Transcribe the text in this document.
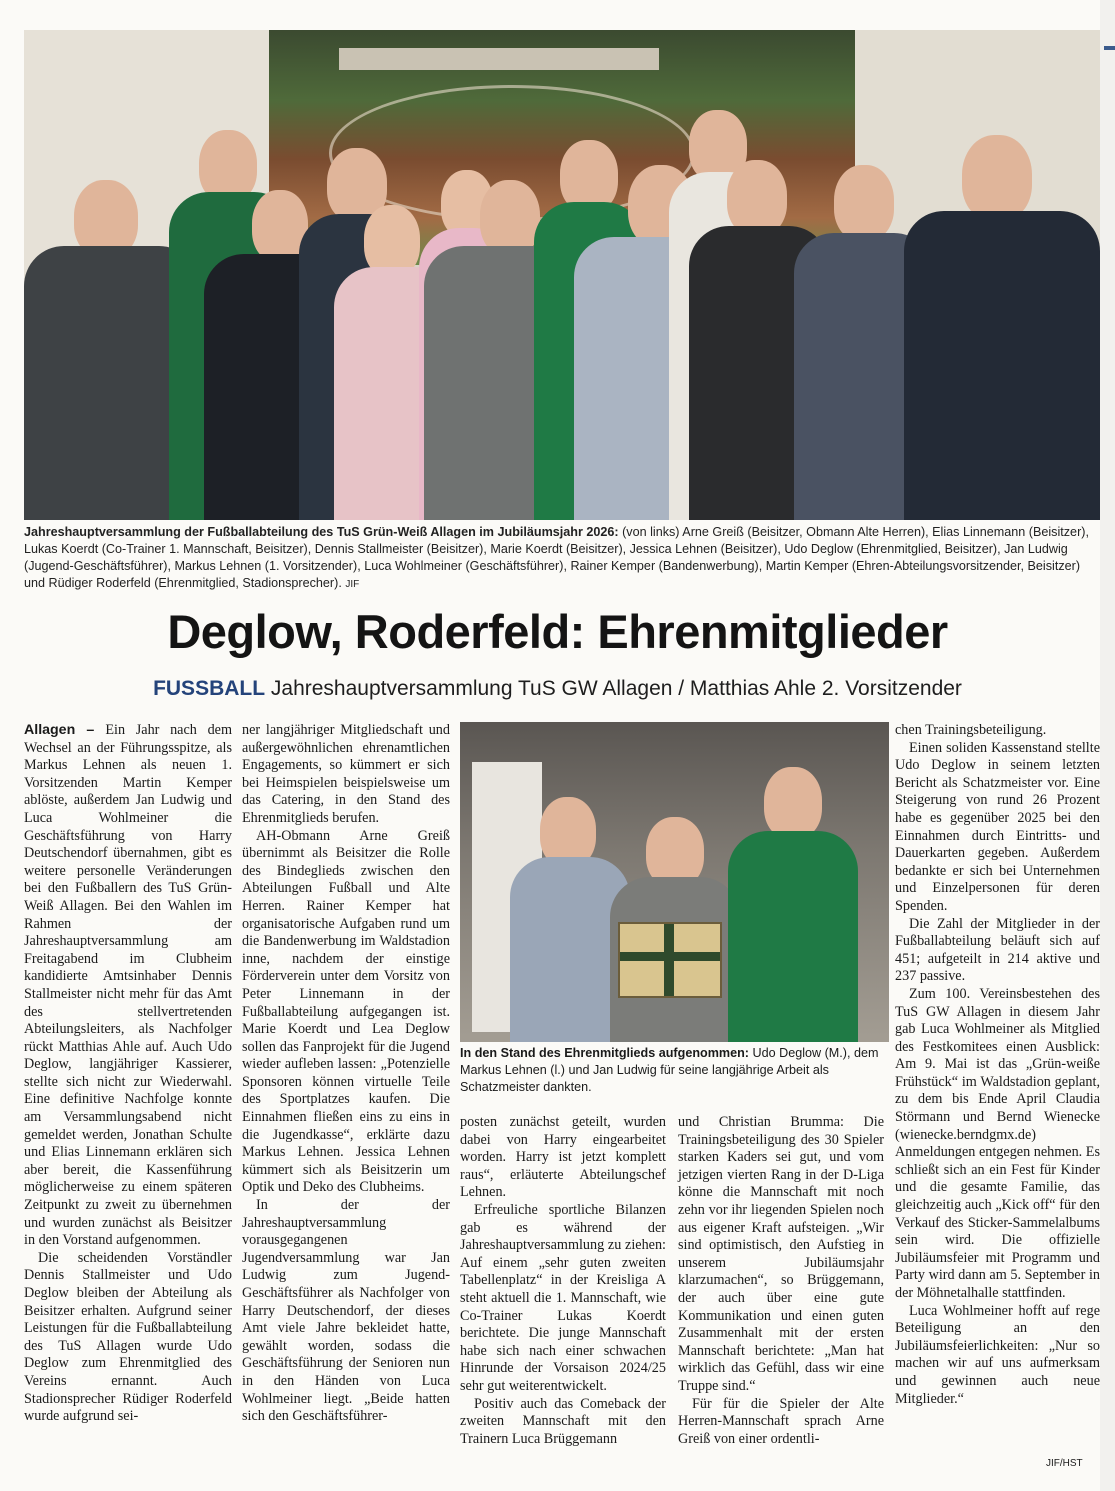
Jahreshauptversammlung der Fußballabteilung des TuS Grün-Weiß Allagen im Jubiläumsjahr 2026: (von links) Arne Greiß (Beisitzer, Obmann Alte Herren), Elias Linnemann (Beisitzer), Lukas Koerdt (Co-Trainer 1. Mannschaft, Beisitzer), Dennis Stallmeister (Beisitzer), Marie Koerdt (Beisitzer), Jessica Lehnen (Beisitzer), Udo Deglow (Ehrenmitglied, Beisitzer), Jan Ludwig (Jugend-Geschäftsführer), Markus Lehnen (1. Vorsitzender), Luca Wohlmeiner (Geschäftsführer), Rainer Kemper (Bandenwerbung), Martin Kemper (Ehren-Abteilungsvorsitzender, Beisitzer) und Rüdiger Roderfeld (Ehrenmitglied, Stadionsprecher). JIF
Deglow, Roderfeld: Ehrenmitglieder
FUSSBALL Jahreshauptversammlung TuS GW Allagen / Matthias Ahle 2. Vorsitzender

Allagen – Ein Jahr nach dem Wechsel an der Führungsspitze, als Markus Lehnen als neuen 1. Vorsitzenden Martin Kemper ablöste, außerdem Jan Ludwig und Luca Wohlmeiner die Geschäftsführung von Harry Deutschendorf übernahmen, gibt es weitere personelle Veränderungen bei den Fußballern des TuS Grün-Weiß Allagen. Bei den Wahlen im Rahmen der Jahreshauptversammlung am Freitagabend im Clubheim kandidierte Amtsinhaber Dennis Stallmeister nicht mehr für das Amt des stellvertretenden Abteilungsleiters, als Nachfolger rückt Matthias Ahle auf. Auch Udo Deglow, langjähriger Kassierer, stellte sich nicht zur Wiederwahl. Eine definitive Nachfolge konnte am Versammlungsabend nicht gemeldet werden, Jonathan Schulte und Elias Linnemann erklären sich aber bereit, die Kassenführung möglicherweise zu einem späteren Zeitpunkt zu zweit zu übernehmen und wurden zunächst als Beisitzer in den Vorstand aufgenommen.

Die scheidenden Vorständler Dennis Stallmeister und Udo Deglow bleiben der Abteilung als Beisitzer erhalten. Aufgrund seiner Leistungen für die Fußballabteilung des TuS Allagen wurde Udo Deglow zum Ehrenmitglied des Vereins ernannt. Auch Stadionsprecher Rüdiger Roderfeld wurde aufgrund sei-

ner langjähriger Mitgliedschaft und außergewöhnlichen ehrenamtlichen Engagements, so kümmert er sich bei Heimspielen beispielsweise um das Catering, in den Stand des Ehrenmitglieds berufen.

AH-Obmann Arne Greiß übernimmt als Beisitzer die Rolle des Bindeglieds zwischen den Abteilungen Fußball und Alte Herren. Rainer Kemper hat organisatorische Aufgaben rund um die Bandenwerbung im Waldstadion inne, nachdem der einstige Förderverein unter dem Vorsitz von Peter Linnemann in der Fußballabteilung aufgegangen ist. Marie Koerdt und Lea Deglow sollen das Fanprojekt für die Jugend wieder aufleben lassen: „Potenzielle Sponsoren können virtuelle Teile des Sportplatzes kaufen. Die Einnahmen fließen eins zu eins in die Jugendkasse“, erklärte dazu Markus Lehnen. Jessica Lehnen kümmert sich als Beisitzerin um Optik und Deko des Clubheims.

In der der Jahreshauptversammlung vorausgegangenen Jugendversammlung war Jan Ludwig zum Jugend-Geschäftsführer als Nachfolger von Harry Deutschendorf, der dieses Amt viele Jahre bekleidet hatte, gewählt worden, sodass die Geschäftsführung der Senioren nun in den Händen von Luca Wohlmeiner liegt. „Beide hatten sich den Geschäftsführer-

In den Stand des Ehrenmitglieds aufgenommen: Udo Deglow (M.), dem Markus Lehnen (l.) und Jan Ludwig für seine langjährige Arbeit als Schatzmeister dankten.

posten zunächst geteilt, wurden dabei von Harry eingearbeitet worden. Harry ist jetzt komplett raus“, erläuterte Abteilungschef Lehnen.

Erfreuliche sportliche Bilanzen gab es während der Jahreshauptversammlung zu ziehen: Auf einem „sehr guten zweiten Tabellenplatz“ in der Kreisliga A steht aktuell die 1. Mannschaft, wie Co-Trainer Lukas Koerdt berichtete. Die junge Mannschaft habe sich nach einer schwachen Hinrunde der Vorsaison 2024/25 sehr gut weiterentwickelt.

Positiv auch das Comeback der zweiten Mannschaft mit den Trainern Luca Brüggemann

und Christian Brumma: Die Trainingsbeteiligung des 30 Spieler starken Kaders sei gut, und vom jetzigen vierten Rang in der D-Liga könne die Mannschaft mit noch zehn vor ihr liegenden Spielen noch aus eigener Kraft aufsteigen. „Wir sind optimistisch, den Aufstieg in unserem Jubiläumsjahr klarzumachen“, so Brüggemann, der auch über eine gute Kommunikation und einen guten Zusammenhalt mit der ersten Mannschaft berichtete: „Man hat wirklich das Gefühl, dass wir eine Truppe sind.“

Für für die Spieler der Alte Herren-Mannschaft sprach Arne Greiß von einer ordentli-

chen Trainingsbeteiligung.

Einen soliden Kassenstand stellte Udo Deglow in seinem letzten Bericht als Schatzmeister vor. Eine Steigerung von rund 26 Prozent habe es gegenüber 2025 bei den Einnahmen durch Eintritts- und Dauerkarten gegeben. Außerdem bedankte er sich bei Unternehmen und Einzelpersonen für deren Spenden.

Die Zahl der Mitglieder in der Fußballabteilung beläuft sich auf 451; aufgeteilt in 214 aktive und 237 passive.

Zum 100. Vereinsbestehen des TuS GW Allagen in diesem Jahr gab Luca Wohlmeiner als Mitglied des Festkomitees einen Ausblick: Am 9. Mai ist das „Grün-weiße Frühstück“ im Waldstadion geplant, zu dem bis Ende April Claudia Störmann und Bernd Wienecke (wienecke.berndgmx.de) Anmeldungen entgegen nehmen. Es schließt sich an ein Fest für Kinder und die gesamte Familie, das gleichzeitig auch „Kick off“ für den Verkauf des Sticker-Sammelalbums sein wird. Die offizielle Jubiläumsfeier mit Programm und Party wird dann am 5. September in der Möhnetalhalle stattfinden.

Luca Wohlmeiner hofft auf rege Beteiligung an den Jubiläumsfeierlichkeiten: „Nur so machen wir auf uns aufmerksam und gewinnen auch neue Mitglieder.“

JIF/HST
